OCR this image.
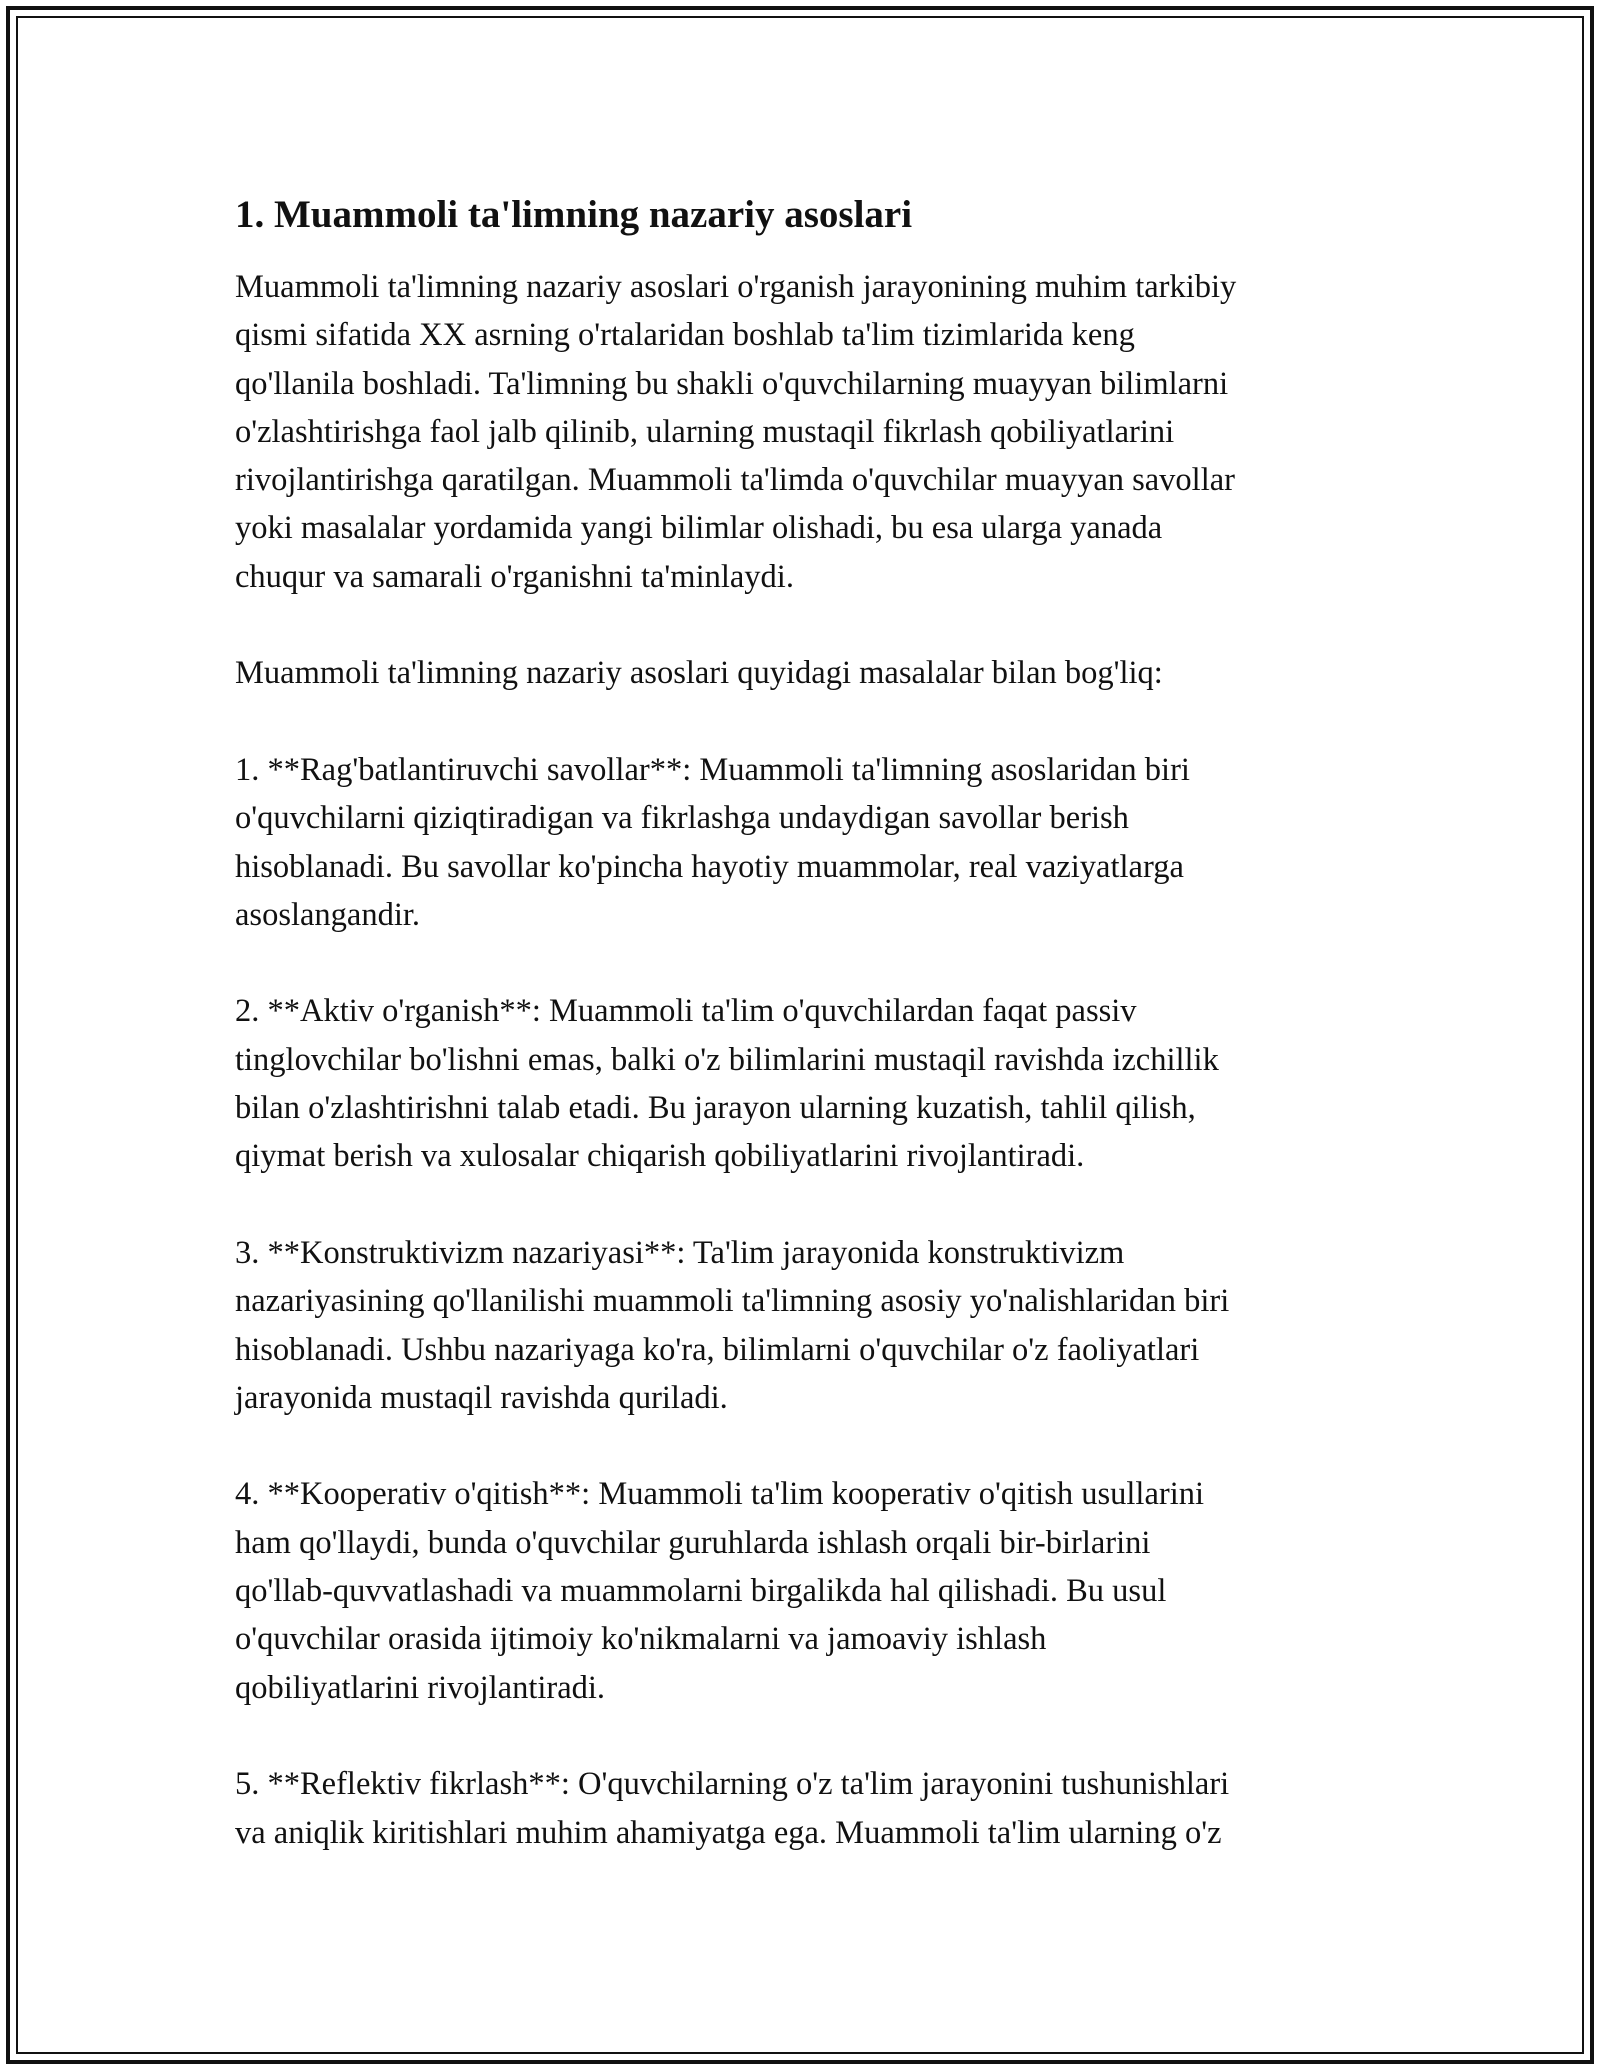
1. Muammoli ta'limning nazariy asoslari
Muammoli ta'limning nazariy asoslari o'rganish jarayonining muhim tarkibiy
qismi sifatida XX asrning o'rtalaridan boshlab ta'lim tizimlarida keng
qo'llanila boshladi. Ta'limning bu shakli o'quvchilarning muayyan bilimlarni
o'zlashtirishga faol jalb qilinib, ularning mustaqil fikrlash qobiliyatlarini
rivojlantirishga qaratilgan. Muammoli ta'limda o'quvchilar muayyan savollar
yoki masalalar yordamida yangi bilimlar olishadi, bu esa ularga yanada
chuqur va samarali o'rganishni ta'minlaydi.
Muammoli ta'limning nazariy asoslari quyidagi masalalar bilan bog'liq:
1. **Rag'batlantiruvchi savollar**: Muammoli ta'limning asoslaridan biri
o'quvchilarni qiziqtiradigan va fikrlashga undaydigan savollar berish
hisoblanadi. Bu savollar ko'pincha hayotiy muammolar, real vaziyatlarga
asoslangandir.
2. **Aktiv o'rganish**: Muammoli ta'lim o'quvchilardan faqat passiv
tinglovchilar bo'lishni emas, balki o'z bilimlarini mustaqil ravishda izchillik
bilan o'zlashtirishni talab etadi. Bu jarayon ularning kuzatish, tahlil qilish,
qiymat berish va xulosalar chiqarish qobiliyatlarini rivojlantiradi.
3. **Konstruktivizm nazariyasi**: Ta'lim jarayonida konstruktivizm
nazariyasining qo'llanilishi muammoli ta'limning asosiy yo'nalishlaridan biri
hisoblanadi. Ushbu nazariyaga ko'ra, bilimlarni o'quvchilar o'z faoliyatlari
jarayonida mustaqil ravishda quriladi.
4. **Kooperativ o'qitish**: Muammoli ta'lim kooperativ o'qitish usullarini
ham qo'llaydi, bunda o'quvchilar guruhlarda ishlash orqali bir-birlarini
qo'llab-quvvatlashadi va muammolarni birgalikda hal qilishadi. Bu usul
o'quvchilar orasida ijtimoiy ko'nikmalarni va jamoaviy ishlash
qobiliyatlarini rivojlantiradi.
5. **Reflektiv fikrlash**: O'quvchilarning o'z ta'lim jarayonini tushunishlari
va aniqlik kiritishlari muhim ahamiyatga ega. Muammoli ta'lim ularning o'z
